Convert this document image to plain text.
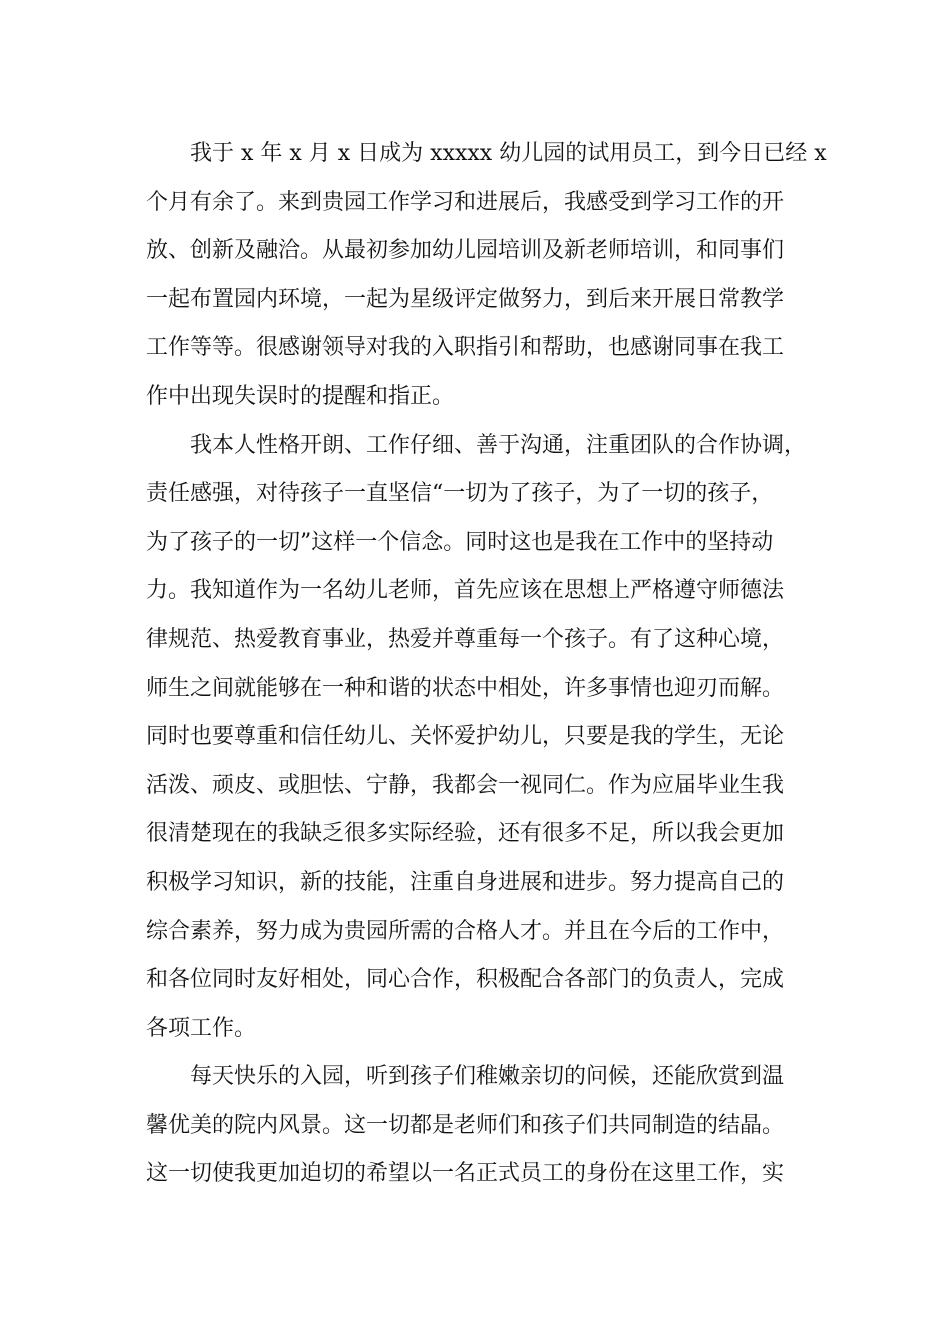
我于 x 年 x 月 x 日成为 xxxxx 幼儿园的试用员工，到今日已经 x
个月有余了。来到贵园工作学习和进展后，我感受到学习工作的开
放、创新及融洽。从最初参加幼儿园培训及新老师培训，和同事们
一起布置园内环境，一起为星级评定做努力，到后来开展日常教学
工作等等。很感谢领导对我的入职指引和帮助，也感谢同事在我工
作中出现失误时的提醒和指正。
我本人性格开朗、工作仔细、善于沟通，注重团队的合作协调，
责任感强，对待孩子一直坚信“一切为了孩子，为了一切的孩子，
为了孩子的一切”这样一个信念。同时这也是我在工作中的坚持动
力。我知道作为一名幼儿老师，首先应该在思想上严格遵守师德法
律规范、热爱教育事业，热爱并尊重每一个孩子。有了这种心境，
师生之间就能够在一种和谐的状态中相处，许多事情也迎刃而解。
同时也要尊重和信任幼儿、关怀爱护幼儿，只要是我的学生，无论
活泼、顽皮、或胆怯、宁静，我都会一视同仁。作为应届毕业生我
很清楚现在的我缺乏很多实际经验，还有很多不足，所以我会更加
积极学习知识，新的技能，注重自身进展和进步。努力提高自己的
综合素养，努力成为贵园所需的合格人才。并且在今后的工作中，
和各位同时友好相处，同心合作，积极配合各部门的负责人，完成
各项工作。
每天快乐的入园，听到孩子们稚嫩亲切的问候，还能欣赏到温
馨优美的院内风景。这一切都是老师们和孩子们共同制造的结晶。
这一切使我更加迫切的希望以一名正式员工的身份在这里工作，实
